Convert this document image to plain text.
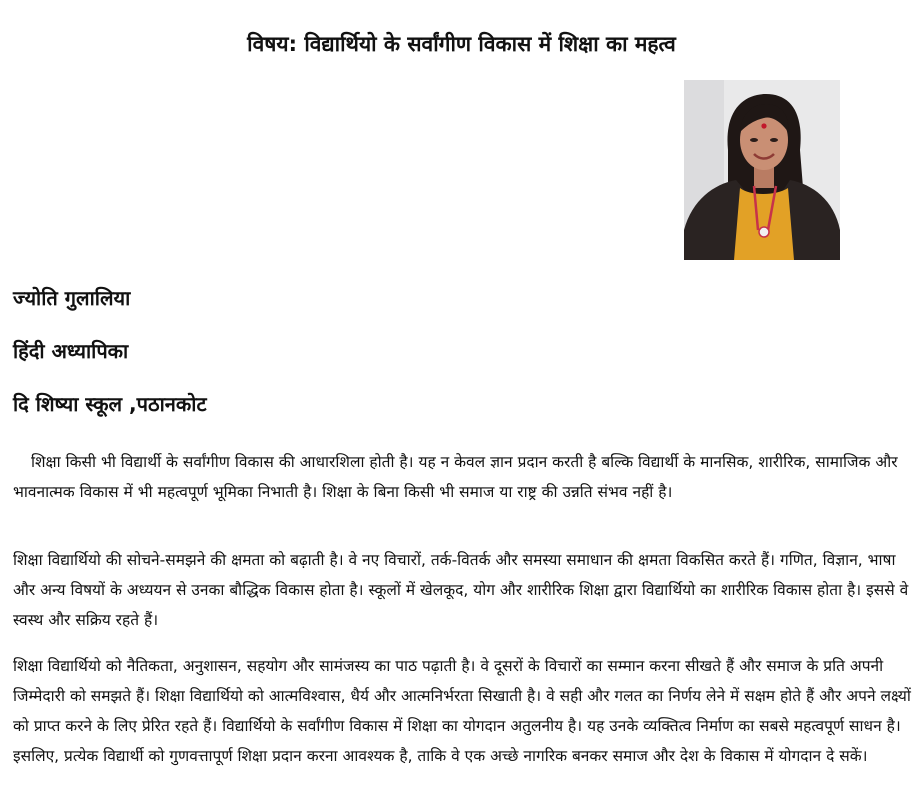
विषय: विद्यार्थियो के सर्वांगीण विकास में शिक्षा का महत्व

ज्योति गुलालिया

हिंदी अध्यापिका

दि शिष्या स्कूल ,पठानकोट

शिक्षा किसी भी विद्यार्थी के सर्वांगीण विकास की आधारशिला होती है। यह न केवल ज्ञान प्रदान करती है बल्कि विद्यार्थी के मानसिक, शारीरिक, सामाजिक और भावनात्मक विकास में भी महत्वपूर्ण भूमिका निभाती है। शिक्षा के बिना किसी भी समाज या राष्ट्र की उन्नति संभव नहीं है।

शिक्षा विद्यार्थियो की सोचने-समझने की क्षमता को बढ़ाती है। वे नए विचारों, तर्क-वितर्क और समस्या समाधान की क्षमता विकसित करते हैं। गणित, विज्ञान, भाषा और अन्य विषयों के अध्ययन से उनका बौद्धिक विकास होता है। स्कूलों में खेलकूद, योग और शारीरिक शिक्षा द्वारा विद्यार्थियो का शारीरिक विकास होता है। इससे वे स्वस्थ और सक्रिय रहते हैं।

शिक्षा विद्यार्थियो को नैतिकता, अनुशासन, सहयोग और सामंजस्य का पाठ पढ़ाती है। वे दूसरों के विचारों का सम्मान करना सीखते हैं और समाज के प्रति अपनी जिम्मेदारी को समझते हैं। शिक्षा विद्यार्थियो को आत्मविश्वास, धैर्य और आत्मनिर्भरता सिखाती है। वे सही और गलत का निर्णय लेने में सक्षम होते हैं और अपने लक्ष्यों को प्राप्त करने के लिए प्रेरित रहते हैं। विद्यार्थियो के सर्वांगीण विकास में शिक्षा का योगदान अतुलनीय है। यह उनके व्यक्तित्व निर्माण का सबसे महत्वपूर्ण साधन है। इसलिए, प्रत्येक विद्यार्थी को गुणवत्तापूर्ण शिक्षा प्रदान करना आवश्यक है, ताकि वे एक अच्छे नागरिक बनकर समाज और देश के विकास में योगदान दे सकें।
